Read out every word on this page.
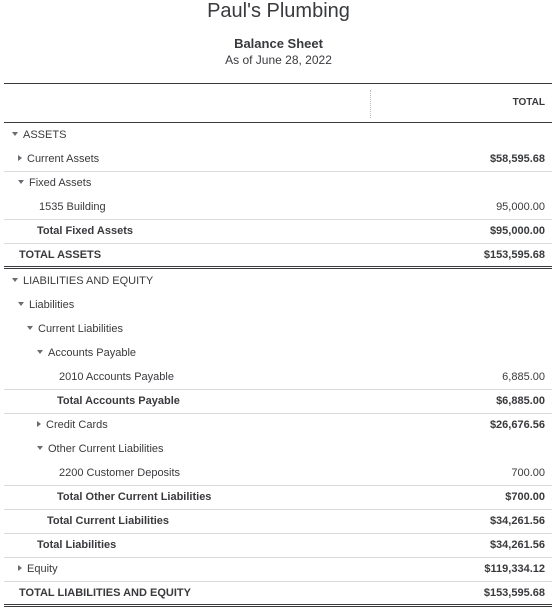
Paul's Plumbing
Balance Sheet
As of June 28, 2022
TOTAL
ASSETS
Current Assets	$58,595.68
Fixed Assets
1535 Building	95,000.00
Total Fixed Assets	$95,000.00
TOTAL ASSETS	$153,595.68
LIABILITIES AND EQUITY
Liabilities
Current Liabilities
Accounts Payable
2010 Accounts Payable	6,885.00
Total Accounts Payable	$6,885.00
Credit Cards	$26,676.56
Other Current Liabilities
2200 Customer Deposits	700.00
Total Other Current Liabilities	$700.00
Total Current Liabilities	$34,261.56
Total Liabilities	$34,261.56
Equity	$119,334.12
TOTAL LIABILITIES AND EQUITY	$153,595.68
